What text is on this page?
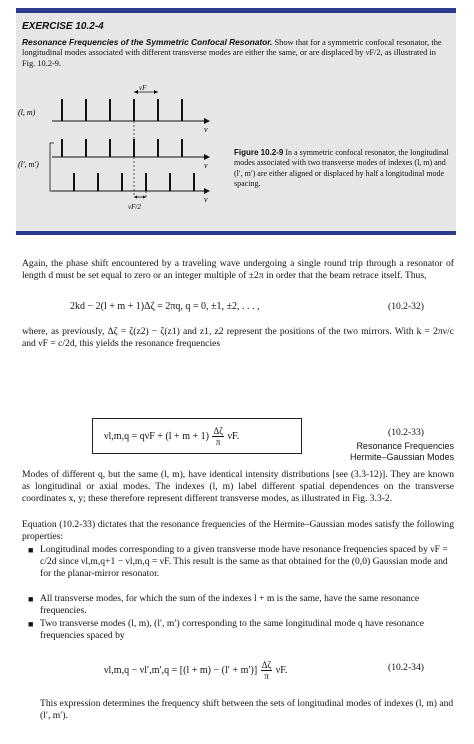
EXERCISE 10.2-4
Resonance Frequencies of the Symmetric Confocal Resonator. Show that for a symmetric confocal resonator, the longitudinal modes associated with different transverse modes are either the same, or are displaced by νF/2, as illustrated in Fig. 10.2-9.
(l, m)
ν
νF
(l′, m′)	ν
ν
νF/2
Figure 10.2-9 In a symmetric confocal resonator, the longitudinal modes associated with two transverse modes of indexes (l, m) and (l′, m′) are either aligned or displaced by half a longitudinal mode spacing.
Again, the phase shift encountered by a traveling wave undergoing a single round trip through a resonator of length d must be set equal to zero or an integer multiple of ±2π in order that the beam retrace itself. Thus,
2kd − 2(l + m + 1)Δζ = 2πq, q = 0, ±1, ±2, . . . ,	(10.2-32)
where, as previously, Δζ = ζ(z2) − ζ(z1) and z1, z2 represent the positions of the two mirrors. With k = 2πν/c and νF = c/2d, this yields the resonance frequencies
$\nu l,m,q = q\nu F + (l + m + 1) \frac{\Delta\zeta}{\pi} \nu F$.	(10.2-33)
Resonance Frequencies
Hermite–Gaussian Modes
Modes of different q, but the same (l, m), have identical intensity distributions [see (3.3-12)]. They are known as longitudinal or axial modes. The indexes (l, m) label different spatial dependences on the transverse coordinates x, y; these therefore represent different transverse modes, as illustrated in Fig. 3.3-2.
Equation (10.2-33) dictates that the resonance frequencies of the Hermite–Gaussian modes satisfy the following properties:
■ Longitudinal modes corresponding to a given transverse mode have resonance frequencies spaced by νF = c/2d since νl,m,q+1 − νl,m,q = νF. This result is the same as that obtained for the (0,0) Gaussian mode and for the planar-mirror resonator.
■ All transverse modes, for which the sum of the indexes l + m is the same, have the same resonance frequencies.
■ Two transverse modes (l, m), (l′, m′) corresponding to the same longitudinal mode q have resonance frequencies spaced by
$\nu l,m,q - \nu l',m',q = [(l + m) - (l' + m')] \frac{\Delta\zeta}{\pi} \nu F$.	(10.2-34)
This expression determines the frequency shift between the sets of longitudinal modes of indexes (l, m) and (l′, m′).
